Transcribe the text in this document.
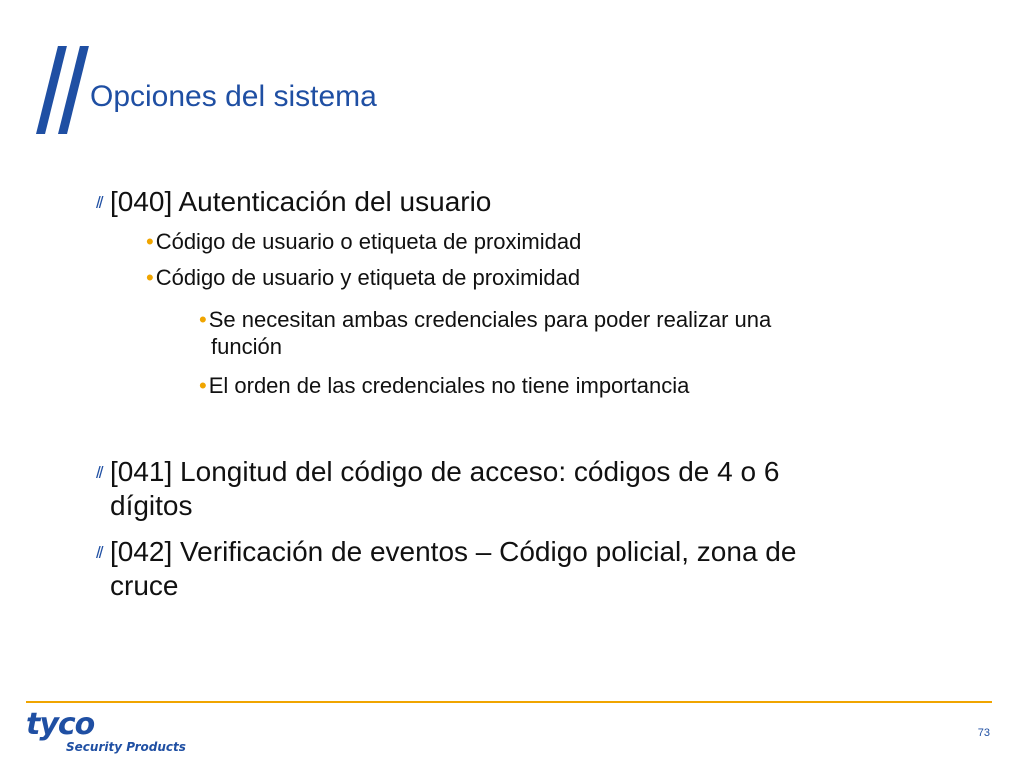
Opciones del sistema
// [040] Autenticación del usuario
•Código de usuario o etiqueta de proximidad
•Código de usuario y etiqueta de proximidad
•Se necesitan ambas credenciales para poder realizar una
función
•El orden de las credenciales no tiene importancia
// [041] Longitud del código de acceso: códigos de 4 o 6
dígitos
// [042] Verificación de eventos – Código policial, zona de
cruce
tyco
Security Products
73
